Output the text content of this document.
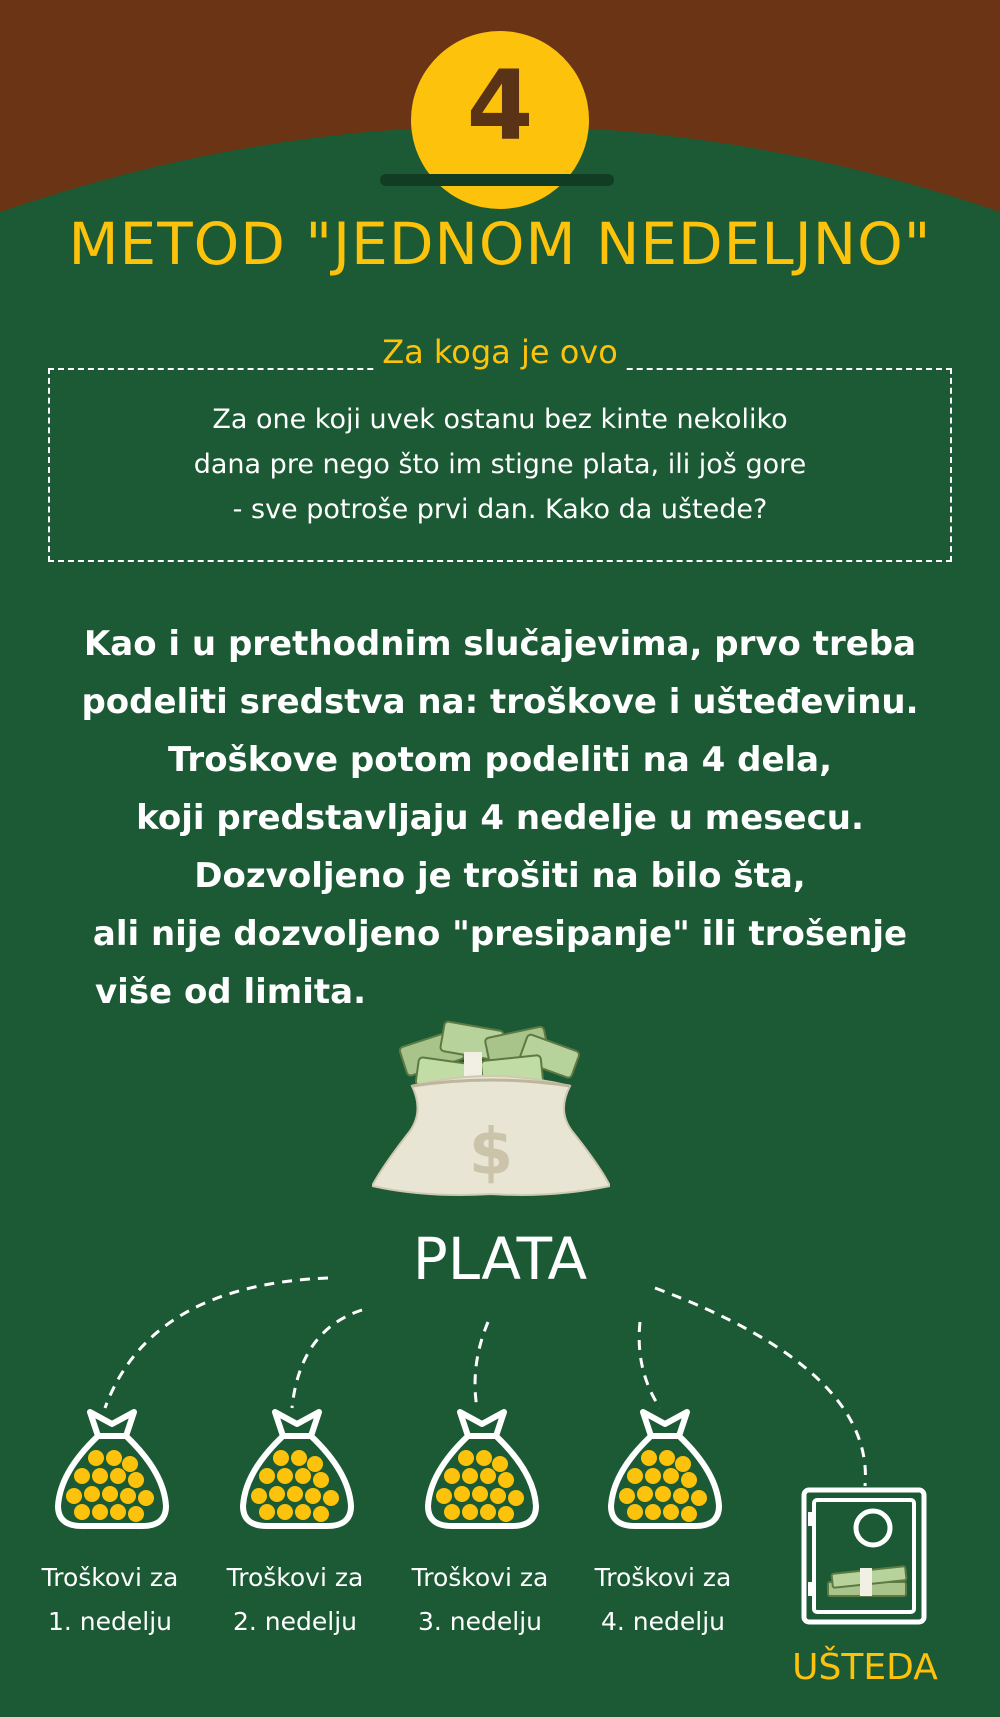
4
METOD "JEDNOM NEDELJNO"
Za koga je ovo
Za one koji uvek ostanu bez kinte nekoliko
dana pre nego što im stigne plata, ili još gore
- sve potroše prvi dan. Kako da uštede?
Kao i u prethodnim slučajevima, prvo treba
podeliti sredstva na: troškove i ušteđevinu.
Troškove potom podeliti na 4 dela,
koji predstavljaju 4 nedelje u mesecu.
Dozvoljeno je trošiti na bilo šta,
ali nije dozvoljeno "presipanje" ili trošenje
više od limita.
$
PLATA
Troškovi za
1. nedelju
Troškovi za
2. nedelju
Troškovi za
3. nedelju
Troškovi za
4. nedelju
UŠTEDA
